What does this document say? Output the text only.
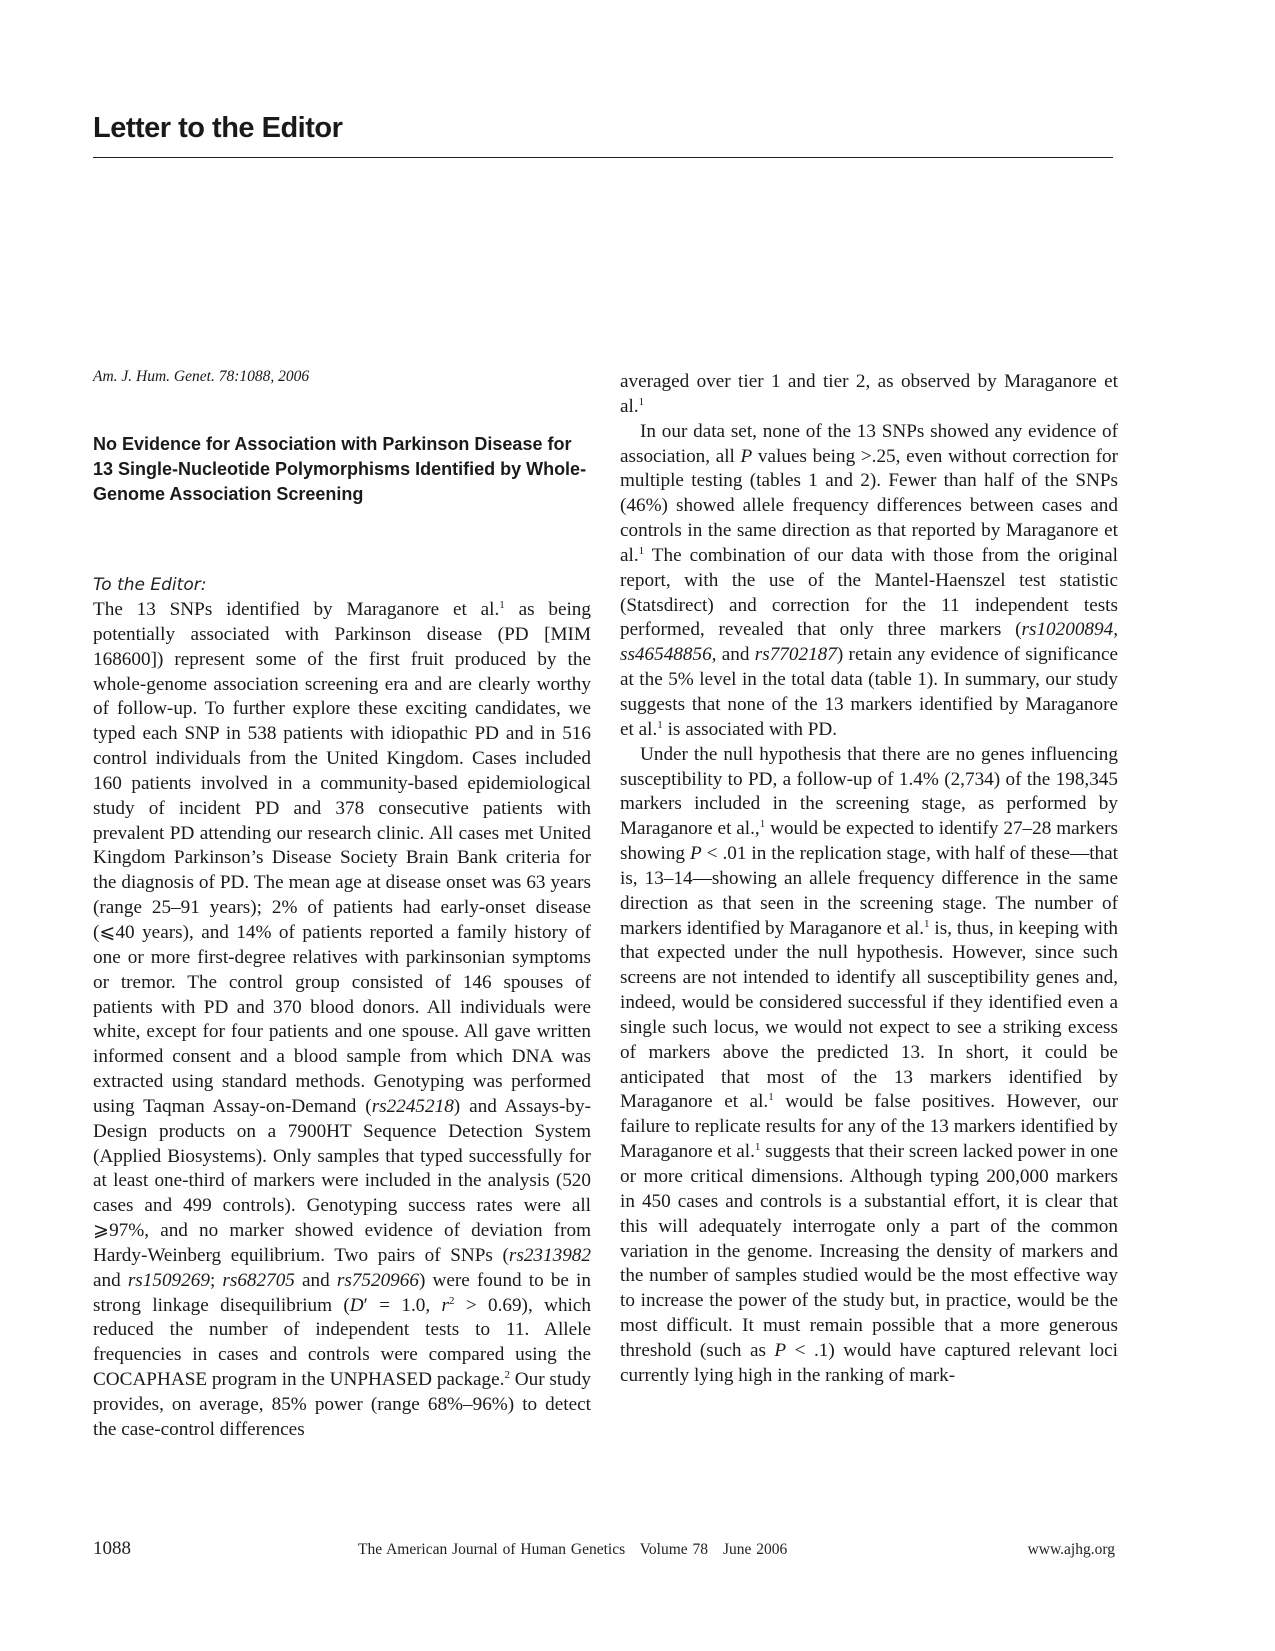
Letter to the Editor
Am. J. Hum. Genet. 78:1088, 2006
No Evidence for Association with Parkinson Disease for 13 Single-Nucleotide Polymorphisms Identified by Whole-Genome Association Screening
To the Editor:

The 13 SNPs identified by Maraganore et al.$^1$ as being potentially associated with Parkinson disease (PD [MIM 168600]) represent some of the first fruit produced by the whole-genome association screening era and are clearly worthy of follow-up. To further explore these exciting candidates, we typed each SNP in 538 patients with idiopathic PD and in 516 control individuals from the United Kingdom. Cases included 160 patients involved in a community-based epidemiological study of incident PD and 378 consecutive patients with prevalent PD attending our research clinic. All cases met United Kingdom Parkinson’s Disease Society Brain Bank criteria for the diagnosis of PD. The mean age at disease onset was 63 years (range 25–91 years); 2% of patients had early-onset disease (⩽40 years), and 14% of patients reported a family history of one or more first-degree relatives with parkinsonian symptoms or tremor. The control group consisted of 146 spouses of patients with PD and 370 blood donors. All individuals were white, except for four patients and one spouse. All gave written informed consent and a blood sample from which DNA was extracted using standard methods. Genotyping was performed using Taqman Assay-on-Demand (rs2245218) and Assays-by-Design products on a 7900HT Sequence Detection System (Applied Biosystems). Only samples that typed successfully for at least one-third of markers were included in the analysis (520 cases and 499 controls). Genotyping success rates were all ⩾97%, and no marker showed evidence of deviation from Hardy-Weinberg equilibrium. Two pairs of SNPs (rs2313982 and rs1509269; rs682705 and rs7520966) were found to be in strong linkage disequilibrium (D′ = 1.0, $r^2 > 0.69$), which reduced the number of independent tests to 11. Allele frequencies in cases and controls were compared using the COCAPHASE program in the UNPHASED package.$^2$ Our study provides, on average, 85% power (range 68%–96%) to detect the case-control differences

averaged over tier 1 and tier 2, as observed by Maraganore et al.$^1$

In our data set, none of the 13 SNPs showed any evidence of association, all P values being >.25, even without correction for multiple testing (tables 1 and 2). Fewer than half of the SNPs (46%) showed allele frequency differences between cases and controls in the same direction as that reported by Maraganore et al.$^1$ The combination of our data with those from the original report, with the use of the Mantel-Haenszel test statistic (Statsdirect) and correction for the 11 independent tests performed, revealed that only three markers (rs10200894, ss46548856, and rs7702187) retain any evidence of significance at the 5% level in the total data (table 1). In summary, our study suggests that none of the 13 markers identified by Maraganore et al.$^1$ is associated with PD.

Under the null hypothesis that there are no genes influencing susceptibility to PD, a follow-up of 1.4% (2,734) of the 198,345 markers included in the screening stage, as performed by Maraganore et al.,$^1$ would be expected to identify 27–28 markers showing P < .01 in the replication stage, with half of these—that is, 13–14—showing an allele frequency difference in the same direction as that seen in the screening stage. The number of markers identified by Maraganore et al.$^1$ is, thus, in keeping with that expected under the null hypothesis. However, since such screens are not intended to identify all susceptibility genes and, indeed, would be considered successful if they identified even a single such locus, we would not expect to see a striking excess of markers above the predicted 13. In short, it could be anticipated that most of the 13 markers identified by Maraganore et al.$^1$ would be false positives. However, our failure to replicate results for any of the 13 markers identified by Maraganore et al.$^1$ suggests that their screen lacked power in one or more critical dimensions. Although typing 200,000 markers in 450 cases and controls is a substantial effort, it is clear that this will adequately interrogate only a part of the common variation in the genome. Increasing the density of markers and the number of samples studied would be the most effective way to increase the power of the study but, in practice, would be the most difficult. It must remain possible that a more generous threshold (such as P < .1) would have captured relevant loci currently lying high in the ranking of mark-

1088	The American Journal of Human Genetics Volume 78 June 2006	www.ajhg.org
